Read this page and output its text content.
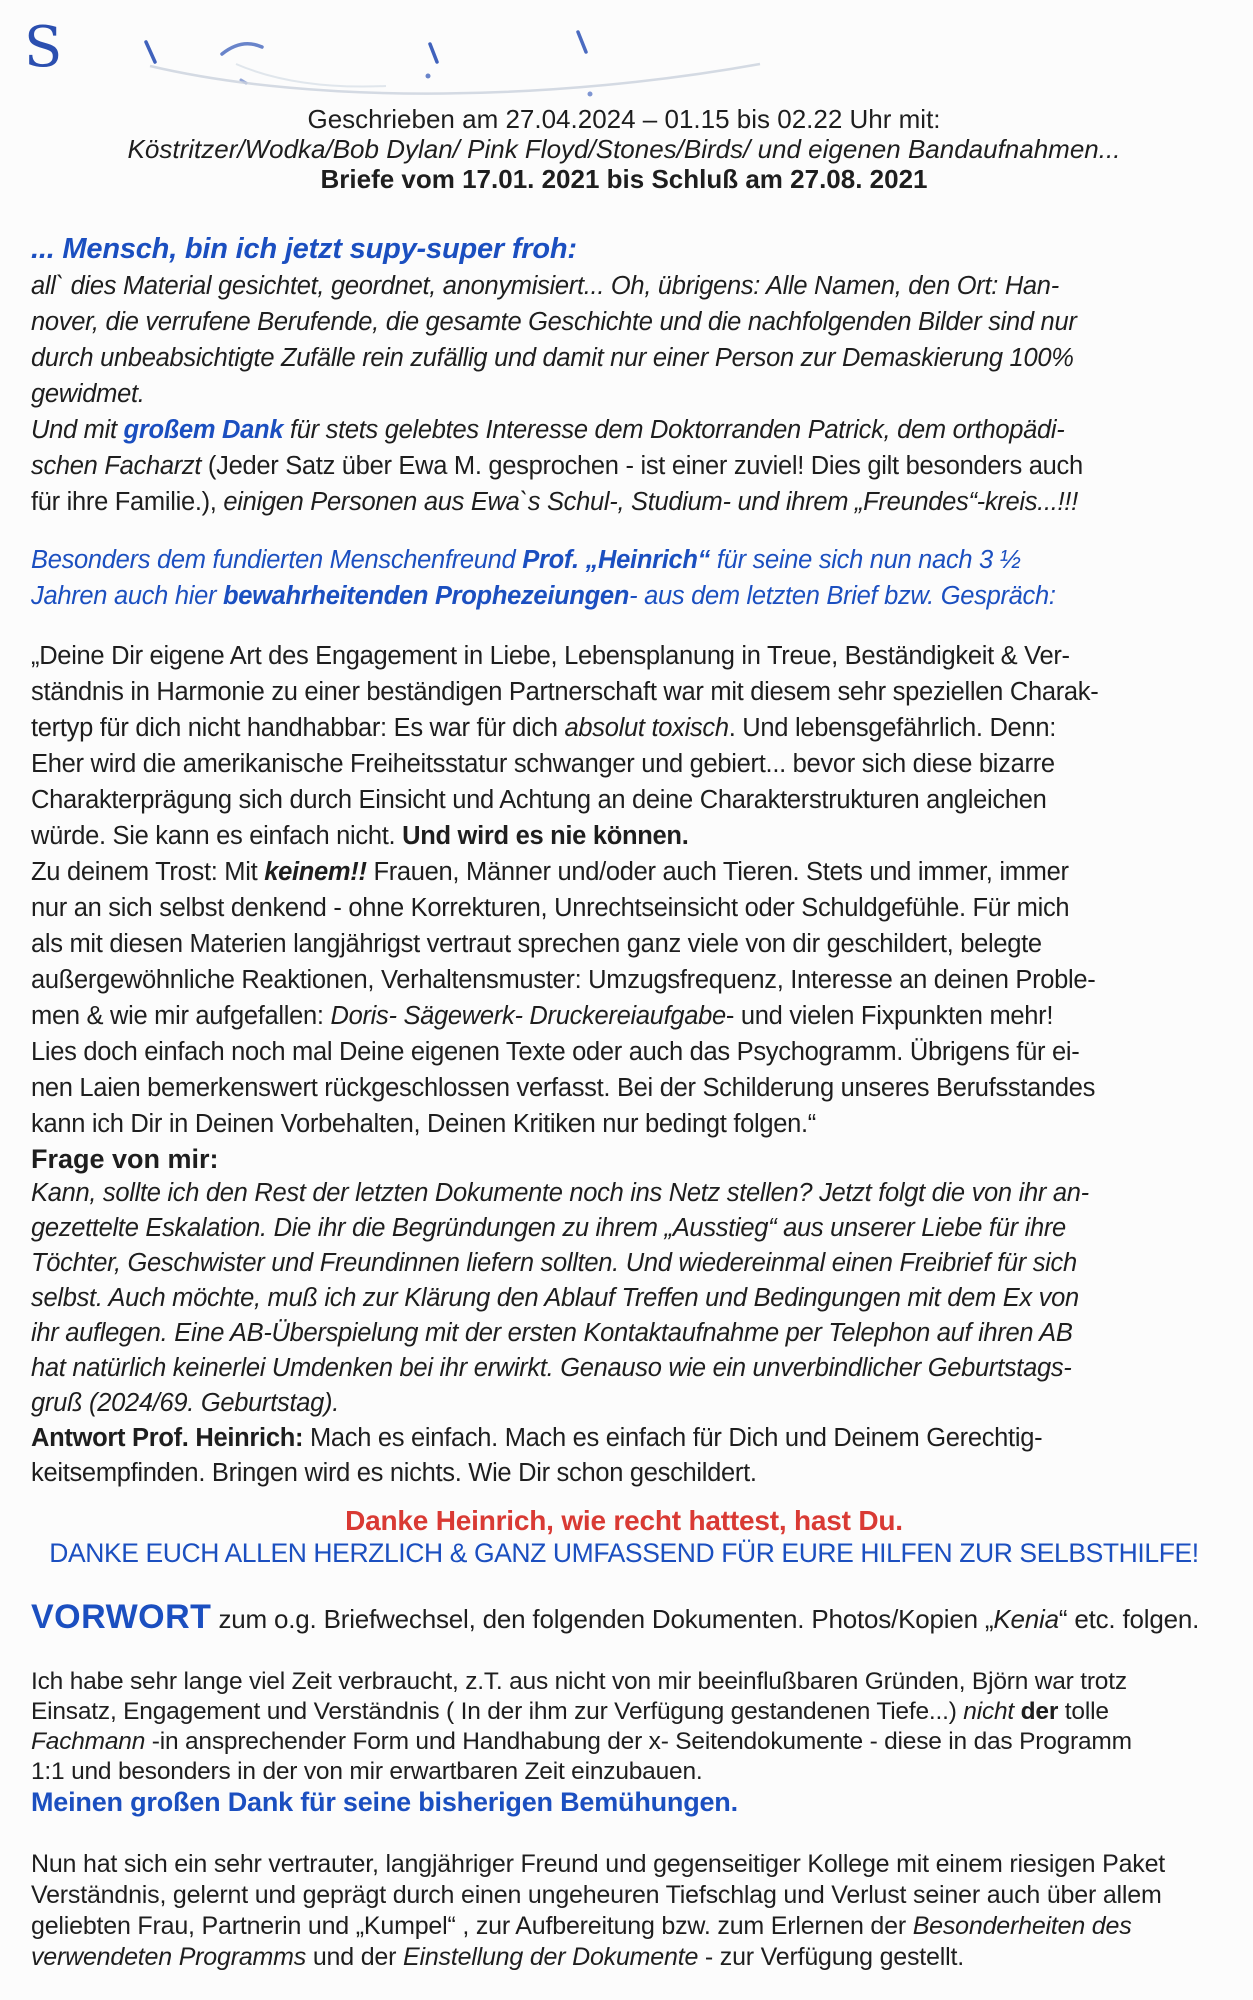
S
Geschrieben am 27.04.2024 – 01.15 bis 02.22 Uhr mit:
Köstritzer/Wodka/Bob Dylan/ Pink Floyd/Stones/Birds/ und eigenen Bandaufnahmen...
Briefe vom 17.01. 2021 bis Schluß am 27.08. 2021
... Mensch, bin ich jetzt supy-super froh:
all` dies Material gesichtet, geordnet, anonymisiert... Oh, übrigens: Alle Namen, den Ort: Han-
nover, die verrufene Berufende, die gesamte Geschichte und die nachfolgenden Bilder sind nur
durch unbeabsichtigte Zufälle rein zufällig und damit nur einer Person zur Demaskierung 100%
gewidmet.
Und mit großem Dank für stets gelebtes Interesse dem Doktorranden Patrick, dem orthopädi-
schen Facharzt (Jeder Satz über Ewa M. gesprochen - ist einer zuviel! Dies gilt besonders auch
für ihre Familie.), einigen Personen aus Ewa`s Schul-, Studium- und ihrem „Freundes“-kreis...!!!

Besonders dem fundierten Menschenfreund Prof. „Heinrich“ für seine sich nun nach 3 ½
Jahren auch hier bewahrheitenden Prophezeiungen- aus dem letzten Brief bzw. Gespräch:

„Deine Dir eigene Art des Engagement in Liebe, Lebensplanung in Treue, Beständigkeit & Ver-
ständnis in Harmonie zu einer beständigen Partnerschaft war mit diesem sehr speziellen Charak-
tertyp für dich nicht handhabbar: Es war für dich absolut toxisch. Und lebensgefährlich. Denn:
Eher wird die amerikanische Freiheitsstatur schwanger und gebiert... bevor sich diese bizarre
Charakterprägung sich durch Einsicht und Achtung an deine Charakterstrukturen angleichen
würde. Sie kann es einfach nicht. Und wird es nie können.
Zu deinem Trost: Mit keinem!! Frauen, Männer und/oder auch Tieren. Stets und immer, immer
nur an sich selbst denkend - ohne Korrekturen, Unrechtseinsicht oder Schuldgefühle. Für mich
als mit diesen Materien langjährigst vertraut sprechen ganz viele von dir geschildert, belegte
außergewöhnliche Reaktionen, Verhaltensmuster: Umzugsfrequenz, Interesse an deinen Proble-
men & wie mir aufgefallen: Doris- Sägewerk- Druckereiaufgabe- und vielen Fixpunkten mehr!
Lies doch einfach noch mal Deine eigenen Texte oder auch das Psychogramm. Übrigens für ei-
nen Laien bemerkenswert rückgeschlossen verfasst. Bei der Schilderung unseres Berufsstandes
kann ich Dir in Deinen Vorbehalten, Deinen Kritiken nur bedingt folgen.“

Frage von mir:
Kann, sollte ich den Rest der letzten Dokumente noch ins Netz stellen? Jetzt folgt die von ihr an-
gezettelte Eskalation. Die ihr die Begründungen zu ihrem „Ausstieg“ aus unserer Liebe für ihre
Töchter, Geschwister und Freundinnen liefern sollten. Und wiedereinmal einen Freibrief für sich
selbst. Auch möchte, muß ich zur Klärung den Ablauf Treffen und Bedingungen mit dem Ex von
ihr auflegen. Eine AB-Überspielung mit der ersten Kontaktaufnahme per Telephon auf ihren AB
hat natürlich keinerlei Umdenken bei ihr erwirkt. Genauso wie ein unverbindlicher Geburtstags-
gruß (2024/69. Geburtstag).
Antwort Prof. Heinrich: Mach es einfach. Mach es einfach für Dich und Deinem Gerechtig-
keitsempfinden. Bringen wird es nichts. Wie Dir schon geschildert.

Danke Heinrich, wie recht hattest, hast Du.
DANKE EUCH ALLEN HERZLICH & GANZ UMFASSEND FÜR EURE HILFEN ZUR SELBSTHILFE!
VORWORT zum o.g. Briefwechsel, den folgenden Dokumenten. Photos/Kopien „Kenia“ etc. folgen.
Ich habe sehr lange viel Zeit verbraucht, z.T. aus nicht von mir beeinflußbaren Gründen, Björn war trotz
Einsatz, Engagement und Verständnis ( In der ihm zur Verfügung gestandenen Tiefe...) nicht der tolle
Fachmann -in ansprechender Form und Handhabung der x- Seitendokumente - diese in das Programm
1:1 und besonders in der von mir erwartbaren Zeit einzubauen.
Meinen großen Dank für seine bisherigen Bemühungen.

Nun hat sich ein sehr vertrauter, langjähriger Freund und gegenseitiger Kollege mit einem riesigen Paket
Verständnis, gelernt und geprägt durch einen ungeheuren Tiefschlag und Verlust seiner auch über allem
geliebten Frau, Partnerin und „Kumpel“ , zur Aufbereitung bzw. zum Erlernen der Besonderheiten des
verwendeten Programms und der Einstellung der Dokumente - zur Verfügung gestellt.
